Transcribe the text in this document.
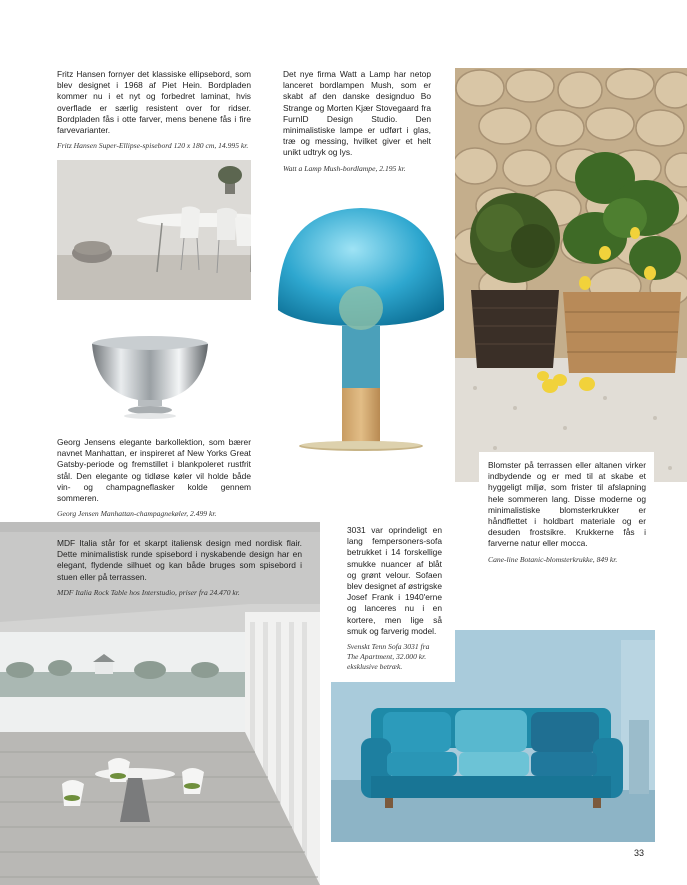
Fritz Hansen fornyer det klassiske ellipsebord, som blev designet i 1968 af Piet Hein. Bordpladen kommer nu i et nyt og forbedret laminat, hvis overflade er særlig resistent over for ridser. Bordpladen fås i otte farver, mens benene fås i fire farvevarianter.

Fritz Hansen Super-Ellipse-spisebord 120 x 180 cm, 14.995 kr.

Det nye firma Watt a Lamp har netop lanceret bordlampen Mush, som er skabt af den danske designduo Bo Strange og Morten Kjær Stovegaard fra FurnID Design Studio. Den minimalistiske lampe er udført i glas, træ og messing, hvilket giver et helt unikt udtryk og lys.

Watt a Lamp Mush-bordlampe, 2.195 kr.

Georg Jensens elegante barkollektion, som bærer navnet Manhattan, er inspireret af New Yorks Great Gatsby-periode og fremstillet i blankpoleret rustfrit stål. Den elegante og tidløse køler vil holde både vin- og champagneflasker kolde gennem sommeren.

Georg Jensen Manhattan-champagnekøler, 2.499 kr.

MDF Italia står for et skarpt italiensk design med nordisk flair. Dette minimalistisk runde spisebord i nyskabende design har en elegant, flydende silhuet og kan både bruges som spisebord i stuen eller på terrassen.

MDF Italia Rock Table hos Interstudio, priser fra 24.470 kr.

3031 var oprindeligt en lang fempersoners-sofa betrukket i 14 forskellige smukke nuancer af blåt og grønt velour. Sofaen blev designet af østrigske Josef Frank i 1940'erne og lanceres nu i en kortere, men lige så smuk og farverig model.

Svenskt Tenn Sofa 3031 fra The Apartment, 32.000 kr. eksklusive betræk.

Blomster på terrassen eller altanen virker indbydende og er med til at skabe et hyggeligt miljø, som frister til afslapning hele sommeren lang. Disse moderne og minimalistiske blomsterkrukker er håndflettet i holdbart materiale og er desuden frostsikre. Krukkerne fås i farverne natur eller mocca.

Cane-line Botanic-blomsterkrukke, 849 kr.

33
